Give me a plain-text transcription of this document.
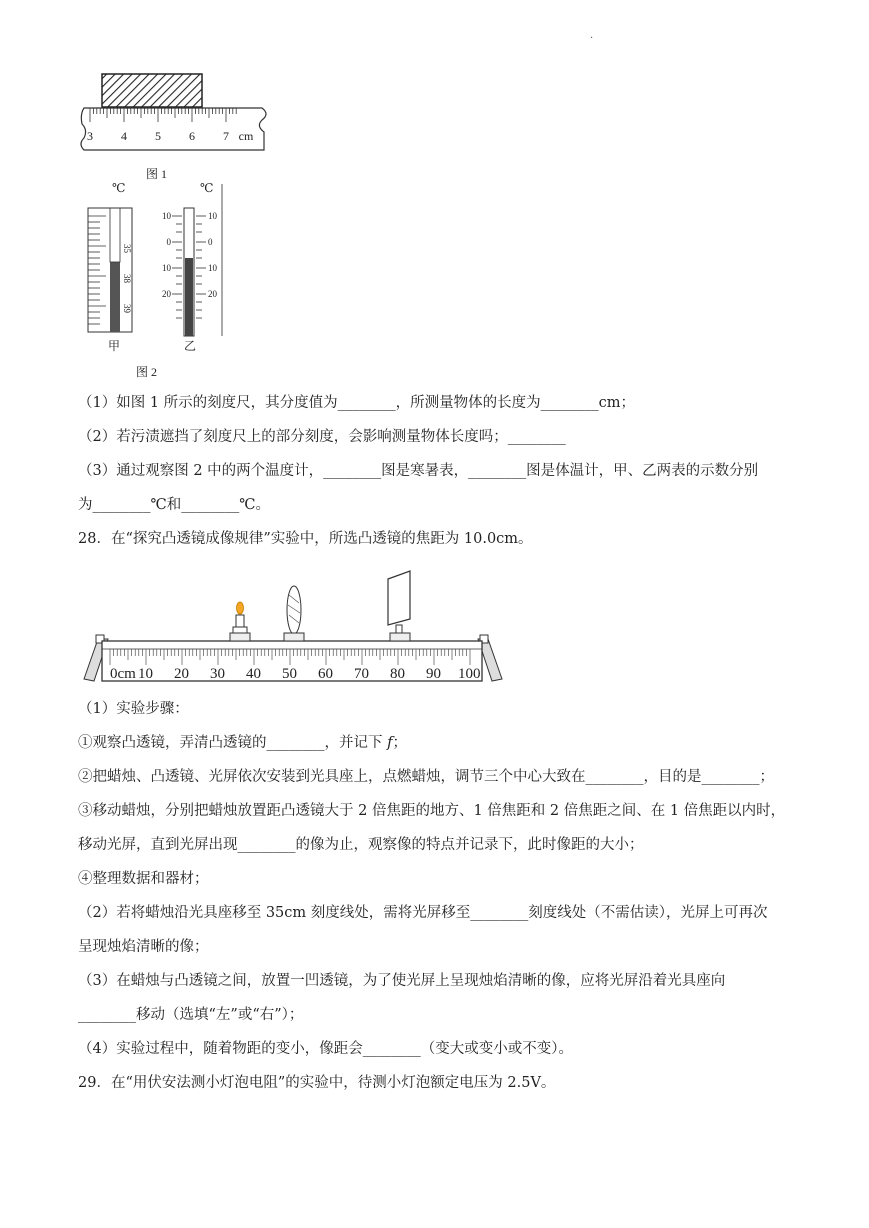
.
3 4 5 6 7 cm
图 1
℃
35
38
39
甲
℃
10
0
10
20
10
0
10
20
乙
图 2
（1）如图 1 所示的刻度尺，其分度值为________，所测量物体的长度为________cm；
（2）若污渍遮挡了刻度尺上的部分刻度，会影响测量物体长度吗；________
（3）通过观察图 2 中的两个温度计，________图是寒暑表，________图是体温计，甲、乙两表的示数分别
为________℃和________℃。
28．在“探究凸透镜成像规律”实验中，所选凸透镜的焦距为 10.0cm。
0cm 10 20 30 40 50 60 70 80 90 100
（1）实验步骤：
①观察凸透镜，弄清凸透镜的________，并记下 f；
②把蜡烛、凸透镜、光屏依次安装到光具座上，点燃蜡烛，调节三个中心大致在________，目的是________；
③移动蜡烛，分别把蜡烛放置距凸透镜大于 2 倍焦距的地方、1 倍焦距和 2 倍焦距之间、在 1 倍焦距以内时，
移动光屏，直到光屏出现________的像为止，观察像的特点并记录下，此时像距的大小；
④整理数据和器材；
（2）若将蜡烛沿光具座移至 35cm 刻度线处，需将光屏移至________刻度线处（不需估读），光屏上可再次
呈现烛焰清晰的像；
（3）在蜡烛与凸透镜之间，放置一凹透镜，为了使光屏上呈现烛焰清晰的像，应将光屏沿着光具座向
________移动（选填“左”或“右”）；
（4）实验过程中，随着物距的变小，像距会________（变大或变小或不变）。
29．在“用伏安法测小灯泡电阻”的实验中，待测小灯泡额定电压为 2.5V。
